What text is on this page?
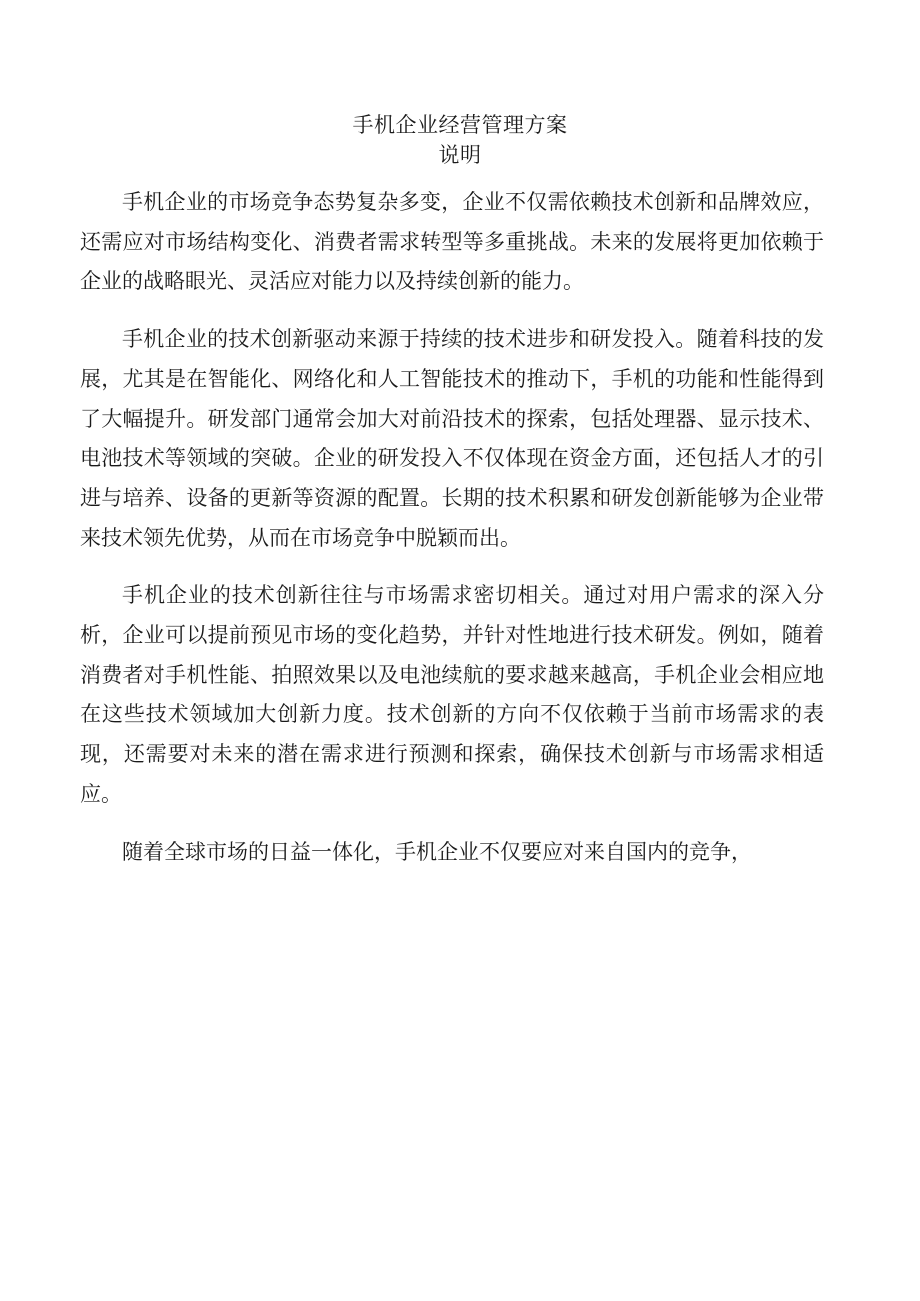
手机企业经营管理方案
说明

手机企业的市场竞争态势复杂多变，企业不仅需依赖技术创新和品牌效应，还需应对市场结构变化、消费者需求转型等多重挑战。未来的发展将更加依赖于企业的战略眼光、灵活应对能力以及持续创新的能力。

手机企业的技术创新驱动来源于持续的技术进步和研发投入。随着科技的发展，尤其是在智能化、网络化和人工智能技术的推动下，手机的功能和性能得到了大幅提升。研发部门通常会加大对前沿技术的探索，包括处理器、显示技术、电池技术等领域的突破。企业的研发投入不仅体现在资金方面，还包括人才的引进与培养、设备的更新等资源的配置。长期的技术积累和研发创新能够为企业带来技术领先优势，从而在市场竞争中脱颖而出。

手机企业的技术创新往往与市场需求密切相关。通过对用户需求的深入分析，企业可以提前预见市场的变化趋势，并针对性地进行技术研发。例如，随着消费者对手机性能、拍照效果以及电池续航的要求越来越高，手机企业会相应地在这些技术领域加大创新力度。技术创新的方向不仅依赖于当前市场需求的表现，还需要对未来的潜在需求进行预测和探索，确保技术创新与市场需求相适应。

随着全球市场的日益一体化，手机企业不仅要应对来自国内的竞争，
